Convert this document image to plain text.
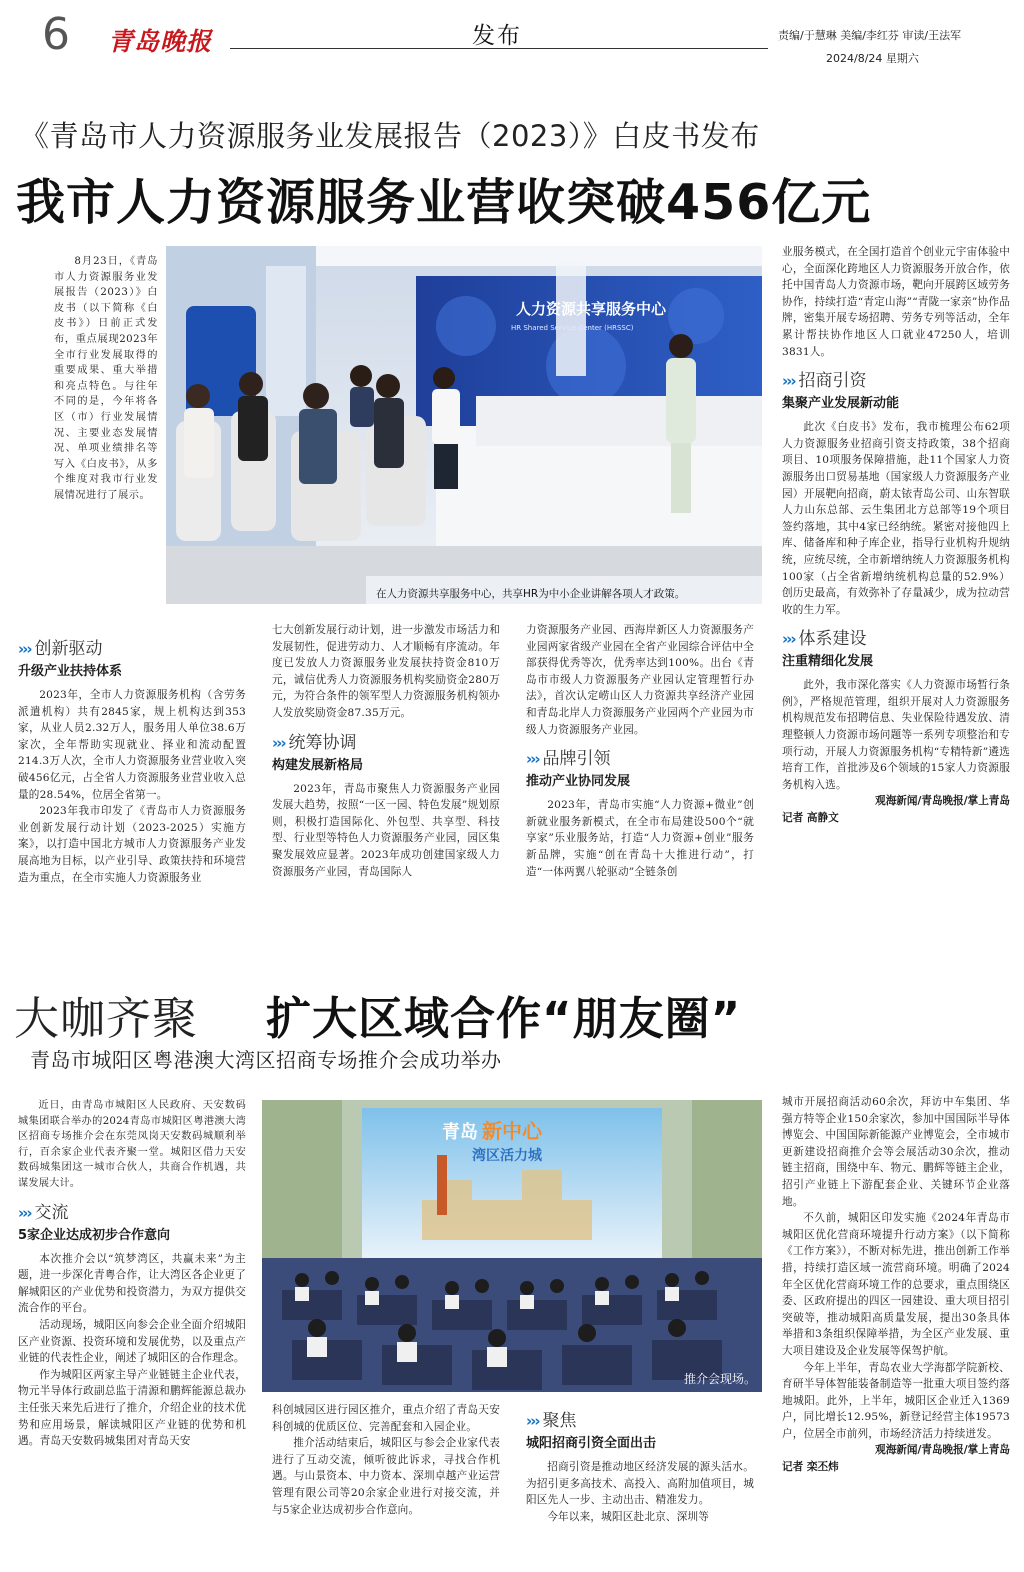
6 青岛晚报	发布	责编/于慧琳 美编/李红芬 审读/王法军
2024/8/24 星期六
《青岛市人力资源服务业发展报告（2023）》白皮书发布
我市人力资源服务业营收突破456亿元
人力资源共享服务中心
HR Shared Service Center (HRSSC)
在人力资源共享服务中心，共享HR为中小企业讲解各项人才政策。

8月23日，《青岛市人力资源服务业发展报告（2023）》白皮书（以下简称《白皮书》）日前正式发布，重点展现2023年全市行业发展取得的重要成果、重大举措和亮点特色。与往年不同的是，今年将各区（市）行业发展情况、主要业态发展情况、单项业绩排名等写入《白皮书》，从多个维度对我市行业发展情况进行了展示。

››› 创新驱动
升级产业扶持体系

2023年，全市人力资源服务机构（含劳务派遣机构）共有2845家，规上机构达到353家，从业人员2.32万人，服务用人单位38.6万家次，全年帮助实现就业、择业和流动配置214.3万人次，全市人力资源服务业营业收入突破456亿元，占全省人力资源服务业营业收入总量的28.54%，位居全省第一。

2023年我市印发了《青岛市人力资源服务业创新发展行动计划（2023-2025）实施方案》，以打造中国北方城市人力资源服务产业发展高地为目标，以产业引导、政策扶持和环境营造为重点，在全市实施人力资源服务业

七大创新发展行动计划，进一步激发市场活力和发展韧性，促进劳动力、人才顺畅有序流动。年度已发放人力资源服务业发展扶持资金810万元，诚信优秀人力资源服务机构奖励资金280万元，为符合条件的领军型人力资源服务机构领办人发放奖励资金87.35万元。

››› 统筹协调
构建发展新格局

2023年，青岛市聚焦人力资源服务产业园发展大趋势，按照“一区一园、特色发展”规划原则，积极打造国际化、外包型、共享型、科技型、行业型等特色人力资源服务产业园，园区集聚发展效应显著。2023年成功创建国家级人力资源服务产业园，青岛国际人

力资源服务产业园、西海岸新区人力资源服务产业园两家省级产业园在全省产业园综合评估中全部获得优秀等次，优秀率达到100%。出台《青岛市市级人力资源服务产业园认定管理暂行办法》，首次认定崂山区人力资源共享经济产业园和青岛北岸人力资源服务产业园两个产业园为市级人力资源服务产业园。

››› 品牌引领
推动产业协同发展

2023年，青岛市实施“人力资源+微业”创新就业服务新模式，在全市布局建设500个“就享家”乐业服务站，打造“人力资源+创业”服务新品牌，实施“创在青岛十大推进行动”，打造“一体两翼八轮驱动”全链条创

业服务模式，在全国打造首个创业元宇宙体验中心，全面深化跨地区人力资源服务开放合作，依托中国青岛人力资源市场，靶向开展跨区域劳务协作，持续打造“青定山海”“青陇一家亲”协作品牌，密集开展专场招聘、劳务专列等活动，全年累计帮扶协作地区人口就业47250人，培训3831人。

››› 招商引资
集聚产业发展新动能

此次《白皮书》发布，我市梳理公布62项人力资源服务业招商引资支持政策，38个招商项目、10项服务保障措施，赴11个国家人力资源服务出口贸易基地（国家级人力资源服务产业园）开展靶向招商，蔚太铱青岛公司、山东智联人力山东总部、云生集团北方总部等19个项目签约落地，其中4家已经纳统。紧密对接他四上库、储备库和种子库企业，指导行业机构升规纳统，应统尽统，全市新增纳统人力资源服务机构100家（占全省新增纳统机构总量的52.9%）创历史最高，有效弥补了存量减少，成为拉动营收的生力军。

››› 体系建设
注重精细化发展

此外，我市深化落实《人力资源市场暂行条例》，严格规范管理，组织开展对人力资源服务机构规范发布招聘信息、失业保险待遇发放、清理整顿人力资源市场问题等一系列专项整治和专项行动，开展人力资源服务机构“专精特新”遴选培育工作，首批涉及6个领域的15家人力资源服务机构入选。

观海新闻/青岛晚报/掌上青岛
记者 高静文
大咖齐聚 扩大区域合作“朋友圈”
青岛市城阳区粤港澳大湾区招商专场推介会成功举办
青岛 新中心
湾区活力城
推介会现场。

近日，由青岛市城阳区人民政府、天安数码城集团联合举办的2024青岛市城阳区粤港澳大湾区招商专场推介会在东莞凤岗天安数码城顺利举行，百余家企业代表齐聚一堂。城阳区借力天安数码城集团这一城市合伙人，共商合作机遇，共谋发展大计。

››› 交流
5家企业达成初步合作意向

本次推介会以“筑梦湾区，共赢未来”为主题，进一步深化青粤合作，让大湾区各企业更了解城阳区的产业优势和投资潜力，为双方提供交流合作的平台。

活动现场，城阳区向参会企业全面介绍城阳区产业资源、投资环境和发展优势，以及重点产业链的代表性企业，阐述了城阳区的合作理念。

作为城阳区两家主导产业链链主企业代表，物元半导体行政副总监于清源和鹏辉能源总裁办主任张天来先后进行了推介，介绍企业的技术优势和应用场景，解读城阳区产业链的优势和机遇。青岛天安数码城集团对青岛天安

科创城园区进行园区推介，重点介绍了青岛天安科创城的优质区位、完善配套和入园企业。

推介活动结束后，城阳区与参会企业家代表进行了互动交流，倾听彼此诉求，寻找合作机遇。与山景资本、中力资本、深圳卓越产业运营管理有限公司等20余家企业进行对接交流，并与5家企业达成初步合作意向。

››› 聚焦
城阳招商引资全面出击

招商引资是推动地区经济发展的源头活水。为招引更多高技术、高投入、高附加值项目，城阳区先人一步、主动出击、精准发力。

今年以来，城阳区赴北京、深圳等

城市开展招商活动60余次，拜访中车集团、华强方特等企业150余家次，参加中国国际半导体博览会、中国国际新能源产业博览会，全市城市更新建设招商推介会等会展活动30余次，推动链主招商，围绕中车、物元、鹏辉等链主企业，招引产业链上下游配套企业、关键环节企业落地。

不久前，城阳区印发实施《2024年青岛市城阳区优化营商环境提升行动方案》（以下简称《工作方案》），不断对标先进，推出创新工作举措，持续打造区域一流营商环境。明确了2024年全区优化营商环境工作的总要求，重点围绕区委、区政府提出的四区一园建设、重大项目招引突破等，推动城阳高质量发展，提出30条具体举措和3条组织保障举措，为全区产业发展、重大项目建设及企业发展等保驾护航。

今年上半年，青岛农业大学海都学院新校、育研半导体智能装备制造等一批重大项目签约落地城阳。此外，上半年，城阳区企业迁入1369户，同比增长12.95%，新登记经营主体19573户，位居全市前列，市场经济活力持续迸发。

观海新闻/青岛晚报/掌上青岛
记者 栾丕炜
